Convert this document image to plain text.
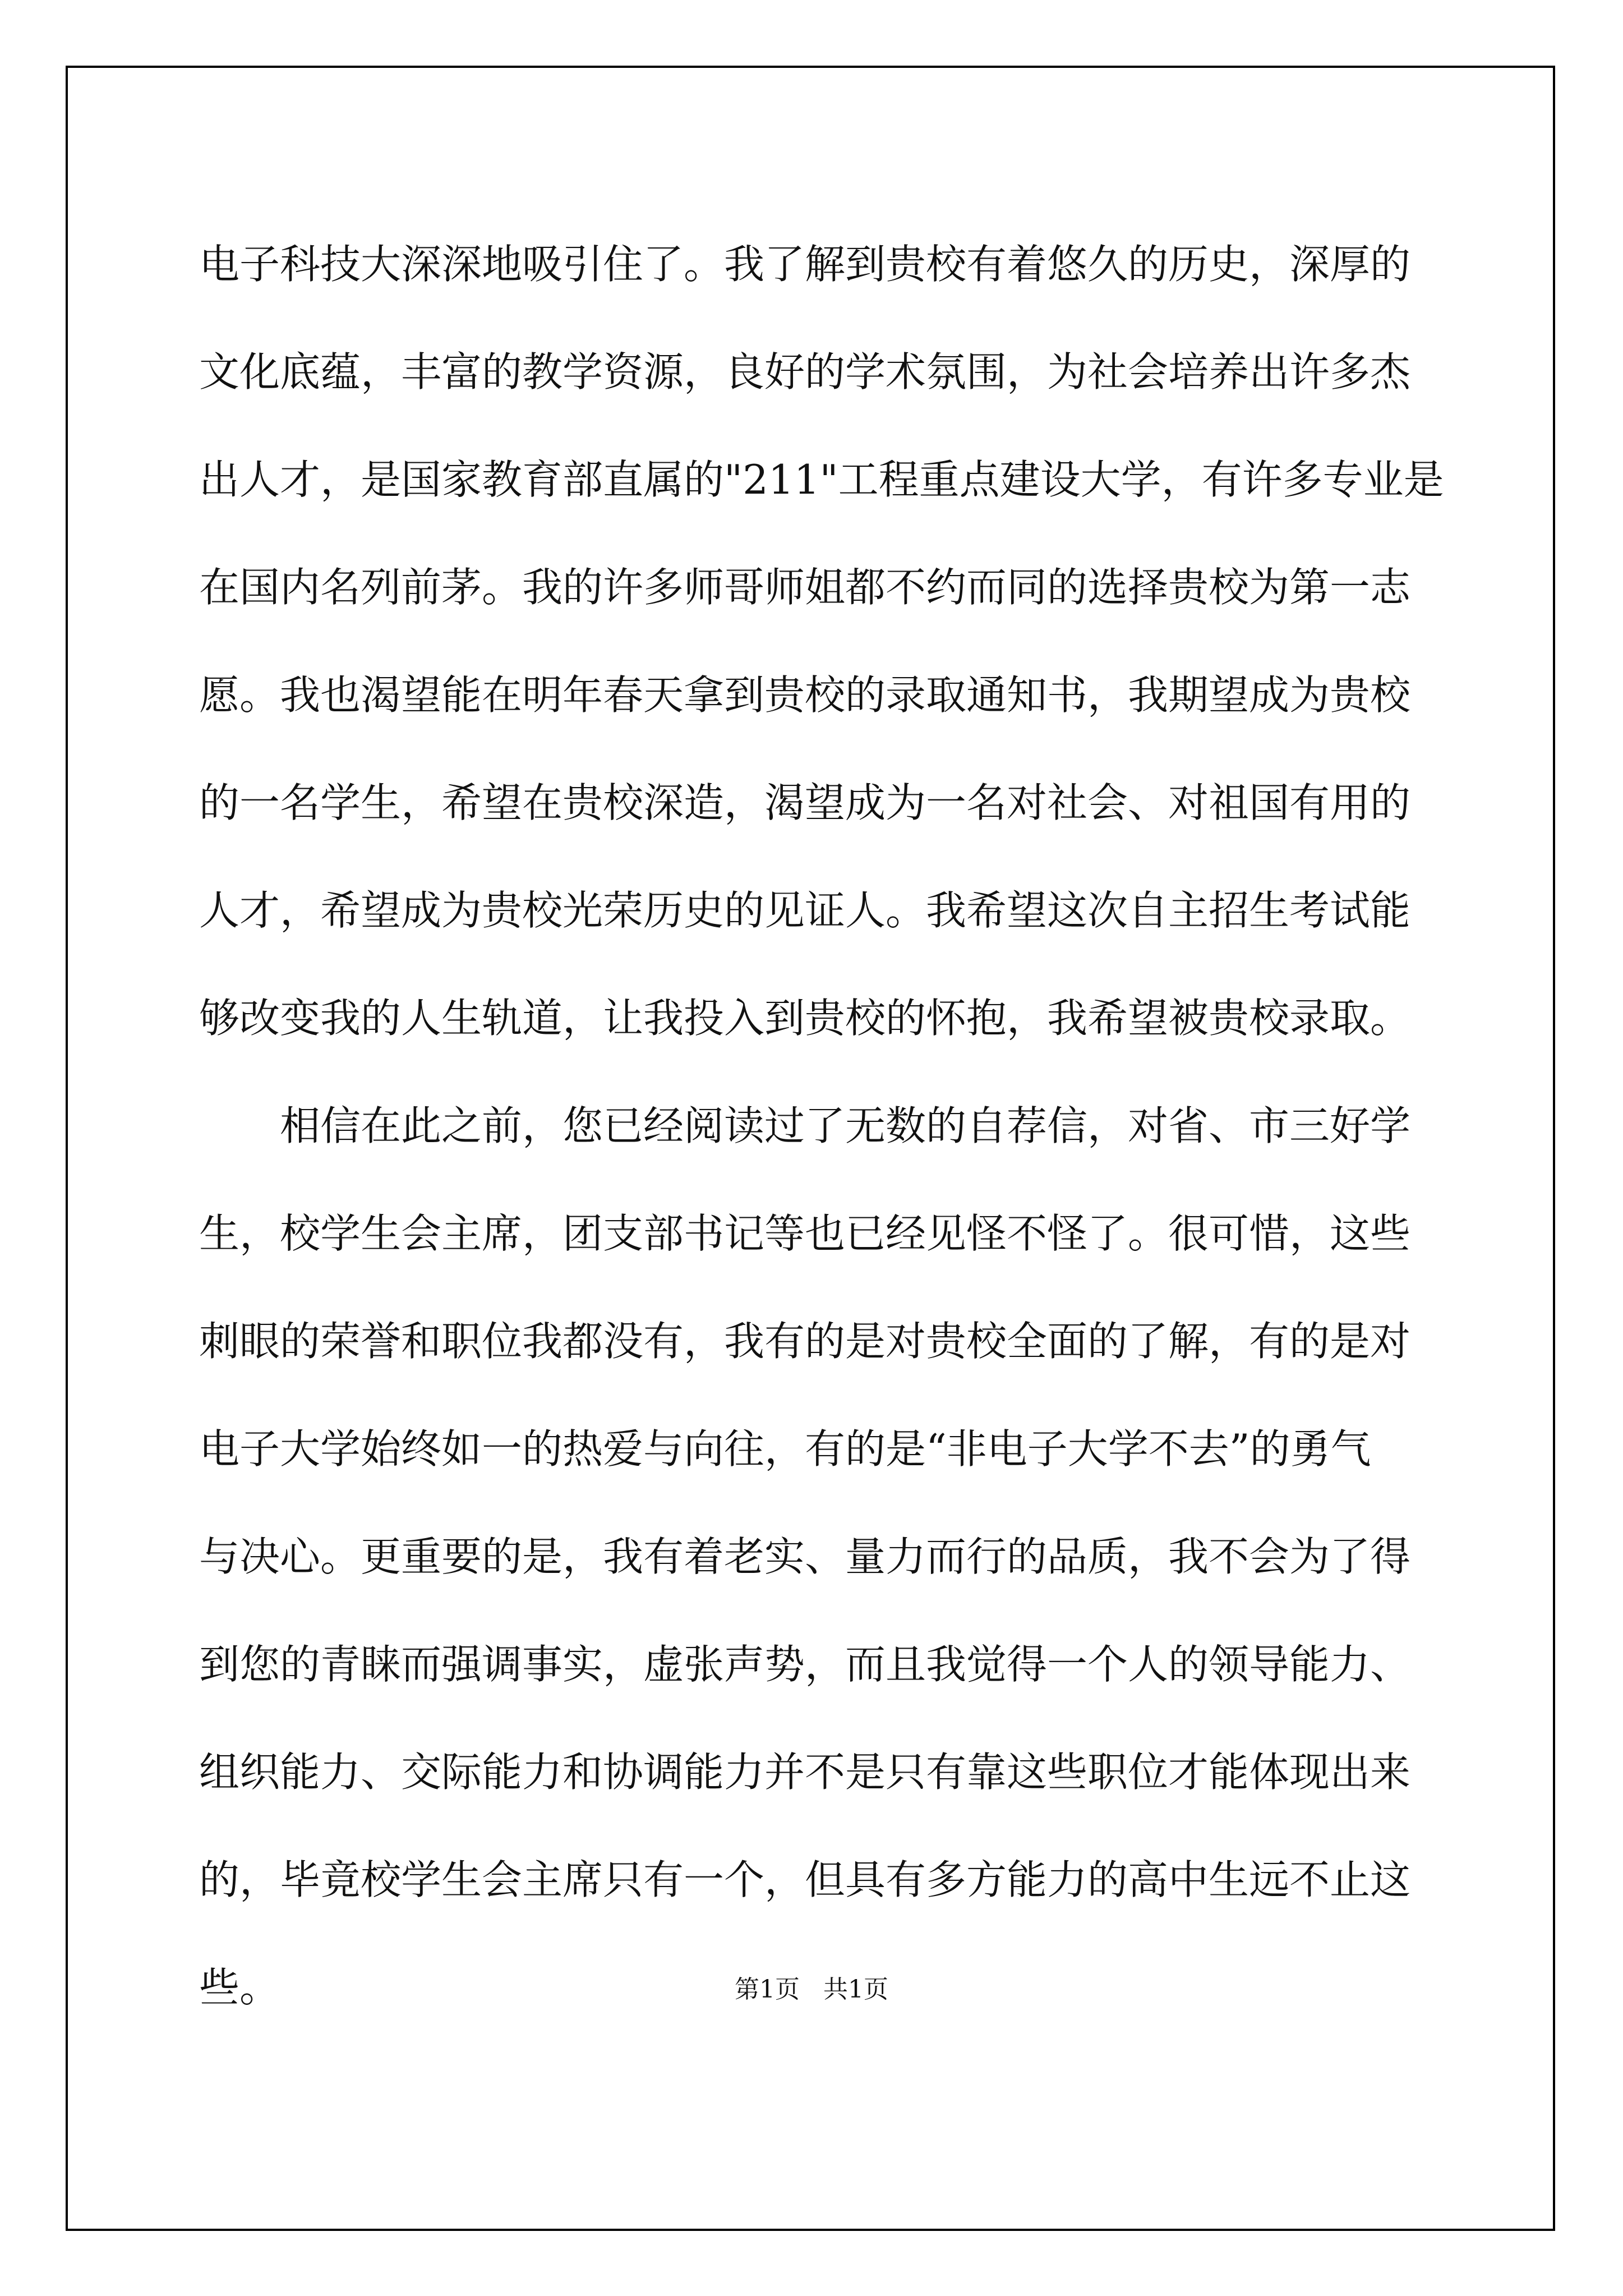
电子科技大深深地吸引住了。我了解到贵校有着悠久的历史，深厚的
文化底蕴，丰富的教学资源，良好的学术氛围，为社会培养出许多杰
出人才，是国家教育部直属的"211"工程重点建设大学，有许多专业是
在国内名列前茅。我的许多师哥师姐都不约而同的选择贵校为第一志
愿。我也渴望能在明年春天拿到贵校的录取通知书，我期望成为贵校
的一名学生，希望在贵校深造，渴望成为一名对社会、对祖国有用的
人才，希望成为贵校光荣历史的见证人。我希望这次自主招生考试能
够改变我的人生轨道，让我投入到贵校的怀抱，我希望被贵校录取。
相信在此之前，您已经阅读过了无数的自荐信，对省、市三好学
生，校学生会主席，团支部书记等也已经见怪不怪了。很可惜，这些
刺眼的荣誉和职位我都没有，我有的是对贵校全面的了解，有的是对
电子大学始终如一的热爱与向往，有的是“非电子大学不去”的勇气
与决心。更重要的是，我有着老实、量力而行的品质，我不会为了得
到您的青睐而强调事实，虚张声势，而且我觉得一个人的领导能力、
组织能力、交际能力和协调能力并不是只有靠这些职位才能体现出来
的，毕竟校学生会主席只有一个，但具有多方能力的高中生远不止这
些。	第1页   共1页
